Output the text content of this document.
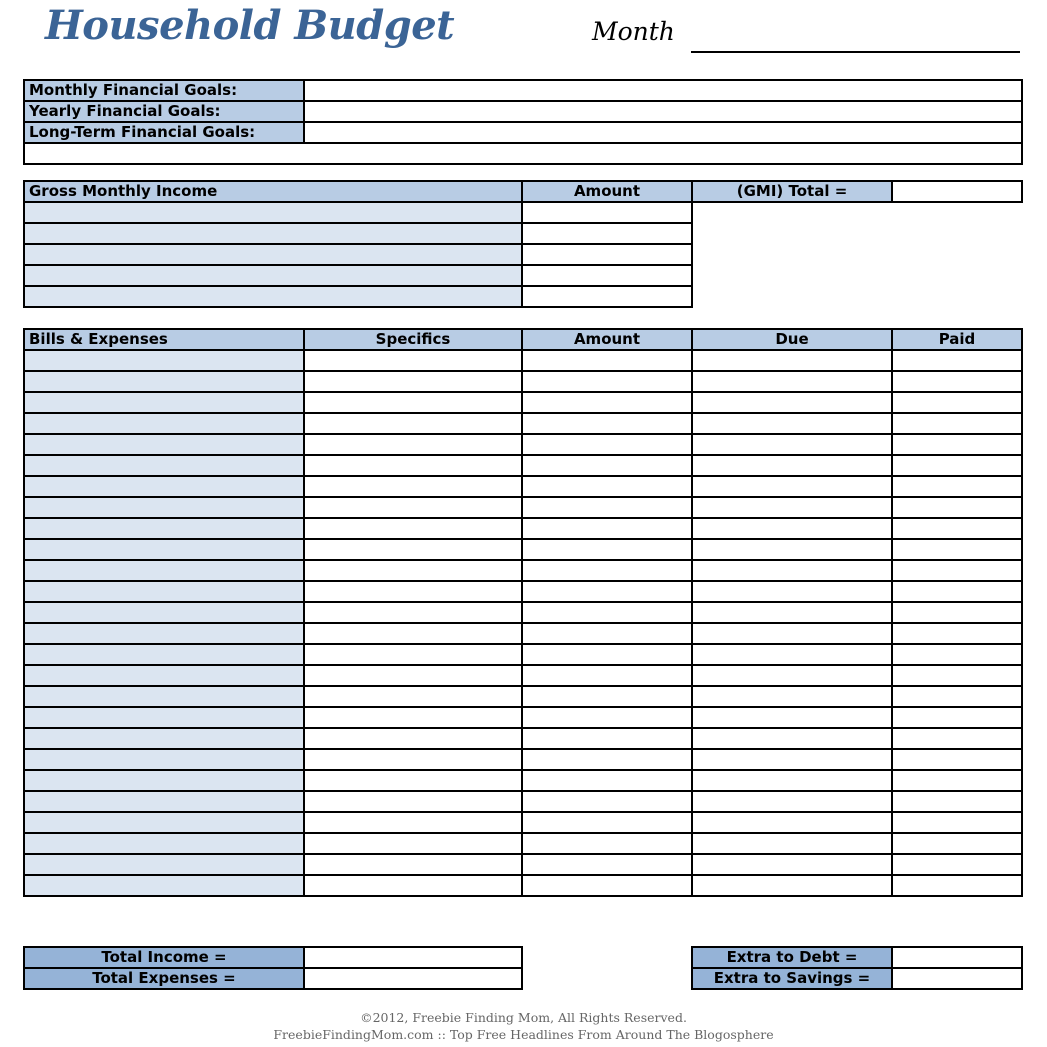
Household Budget	Month
Monthly Financial Goals:	
Yearly Financial Goals:	
Long-Term Financial Goals:	

Gross Monthly Income	Amount	(GMI) Total =	

Bills & Expenses	Specifics	Amount	Due	Paid

Total Income =	
Total Expenses =	
Extra to Debt =	
Extra to Savings =	
©2012, Freebie Finding Mom, All Rights Reserved.
FreebieFindingMom.com :: Top Free Headlines From Around The Blogosphere
